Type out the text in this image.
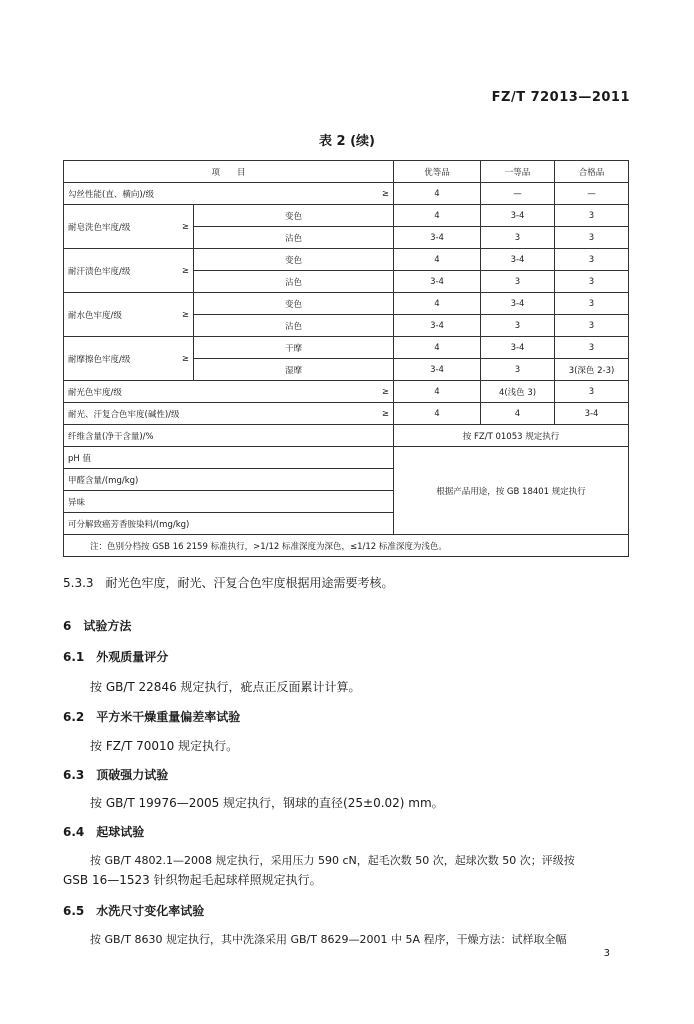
FZ/T 72013—2011
表 2 (续)
项　　目		优等品	一等品	合格品

勾丝性能(直、横向)/级 ≥		4	—	—

耐皂洗色牢度/级 ≥	变色	4	3-4	3
	沾色	3-4	3	3

耐汗渍色牢度/级 ≥	变色	4	3-4	3
	沾色	3-4	3	3

耐水色牢度/级 ≥	变色	4	3-4	3
	沾色	3-4	3	3

耐摩擦色牢度/级 ≥	干摩	4	3-4	3
	湿摩	3-4	3	3(深色 2-3)

耐光色牢度/级 ≥		4	4(浅色 3)	3

耐光、汗复合色牢度(碱性)/级 ≥		4	4	3-4
纤维含量(净干含量)/%		按 FZ/T 01053 规定执行		
pH 值		根据产品用途，按 GB 18401 规定执行		
甲醛含量/(mg/kg)				
异味				
可分解致癌芳香胺染料/(mg/kg)				
注：色别分档按 GSB 16 2159 标准执行，>1/12 标准深度为深色，≤1/12 标准深度为浅色。				
5.3.3　耐光色牢度，耐光、汗复合色牢度根据用途需要考核。
6　试验方法
6.1　外观质量评分
按 GB/T 22846 规定执行，疵点正反面累计计算。
6.2　平方米干燥重量偏差率试验
按 FZ/T 70010 规定执行。
6.3　顶破强力试验
按 GB/T 19976—2005 规定执行，钢球的直径(25±0.02) mm。
6.4　起球试验
按 GB/T 4802.1—2008 规定执行，采用压力 590 cN，起毛次数 50 次，起球次数 50 次；评级按
GSB 16—1523 针织物起毛起球样照规定执行。
6.5　水洗尺寸变化率试验
按 GB/T 8630 规定执行，其中洗涤采用 GB/T 8629—2001 中 5A 程序，干燥方法：试样取全幅
3
